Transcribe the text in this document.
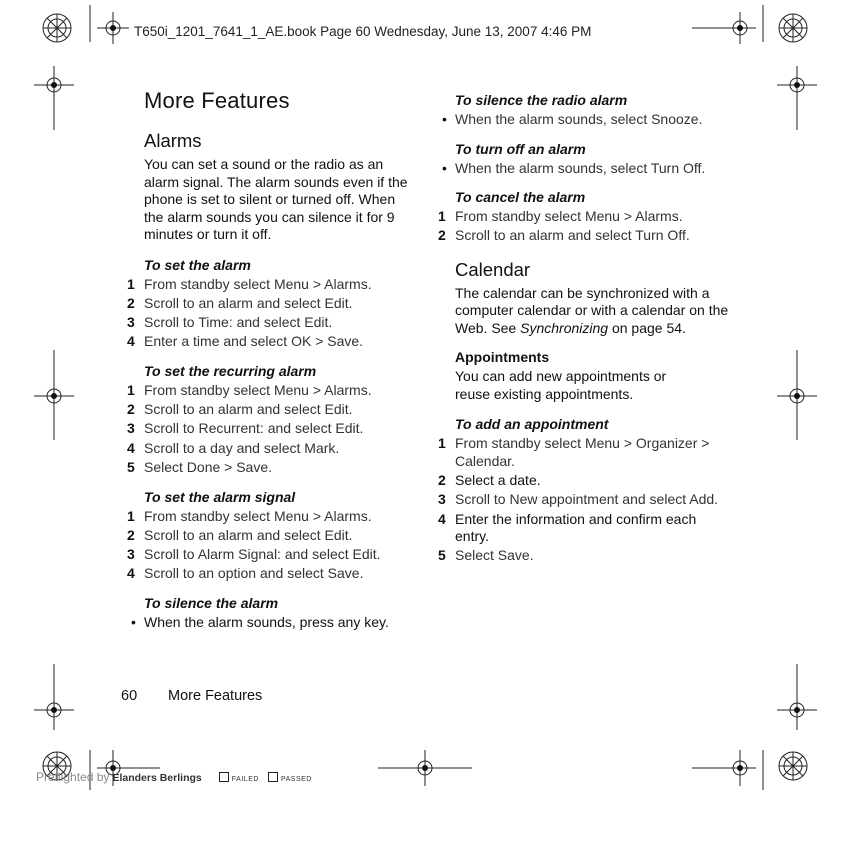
T650i_1201_7641_1_AE.book Page 60 Wednesday, June 13, 2007 4:46 PM
More Features
Alarms

You can set a sound or the radio as an alarm signal. The alarm sounds even if the phone is set to silent or turned off. When the alarm sounds you can silence it for 9 minutes or turn it off.

To set the alarm
1 From standby select Menu > Alarms.
2 Scroll to an alarm and select Edit.
3 Scroll to Time: and select Edit.
4 Enter a time and select OK > Save.
To set the recurring alarm
1 From standby select Menu > Alarms.
2 Scroll to an alarm and select Edit.
3 Scroll to Recurrent: and select Edit.
4 Scroll to a day and select Mark.
5 Select Done > Save.
To set the alarm signal
1 From standby select Menu > Alarms.
2 Scroll to an alarm and select Edit.
3 Scroll to Alarm Signal: and select Edit.
4 Scroll to an option and select Save.
To silence the alarm
• When the alarm sounds, press any key.
To silence the radio alarm
• When the alarm sounds, select Snooze.
To turn off an alarm
• When the alarm sounds, select Turn Off.
To cancel the alarm
1 From standby select Menu > Alarms.
2 Scroll to an alarm and select Turn Off.
Calendar

The calendar can be synchronized with a computer calendar or with a calendar on the Web. See Synchronizing on page 54.

Appointments

You can add new appointments or reuse existing appointments.

To add an appointment
1 From standby select Menu > Organizer > Calendar.
2 Select a date.
3 Scroll to New appointment and select Add.
4 Enter the information and confirm each entry.
5 Select Save.
60 More Features
Preflighted by Elanders Berlings	FAILED	PASSED
